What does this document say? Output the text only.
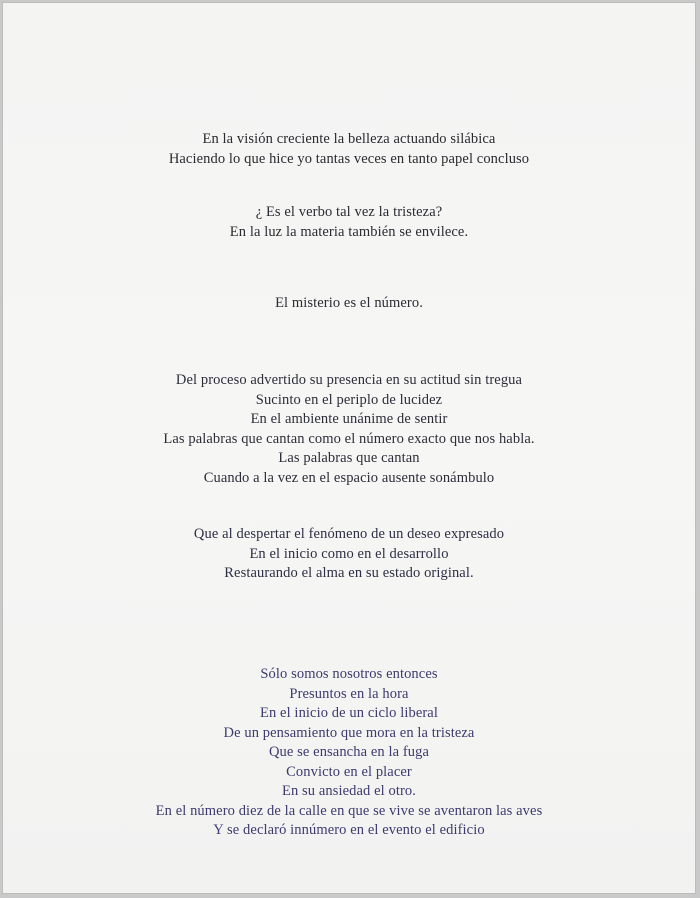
En la visión creciente la belleza actuando silábica
Haciendo lo que hice yo tantas veces en tanto papel concluso
¿ Es el verbo tal vez la tristeza?
En la luz la materia también se envilece.
El misterio es el número.
Del proceso advertido su presencia en su actitud sin tregua
Sucinto en el periplo de lucidez
En el ambiente unánime de sentir
Las palabras que cantan como el número exacto que nos habla.
Las palabras que cantan
Cuando a la vez en el espacio ausente sonámbulo
Que al despertar el fenómeno de un deseo expresado
En el inicio como en el desarrollo
Restaurando el alma en su estado original.
Sólo somos nosotros entonces
Presuntos en la hora
En el inicio de un ciclo liberal
De un pensamiento que mora en la tristeza
Que se ensancha en la fuga
Convicto en el placer
En su ansiedad el otro.
En el número diez de la calle en que se vive se aventaron las aves
Y se declaró innúmero en el evento el edificio
